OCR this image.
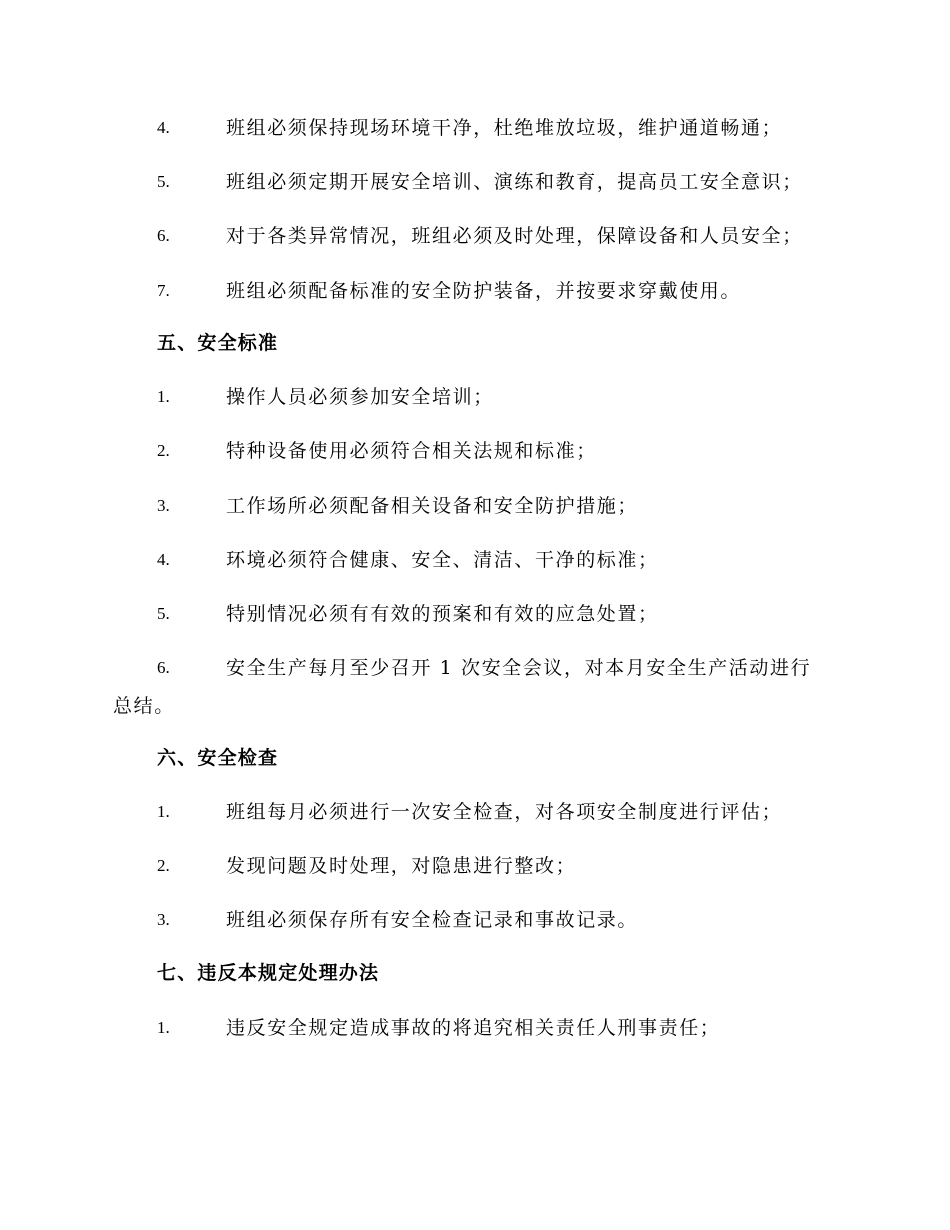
4.	班组必须保持现场环境干净，杜绝堆放垃圾，维护通道畅通；
5.	班组必须定期开展安全培训、演练和教育，提高员工安全意识；
6.	对于各类异常情况，班组必须及时处理，保障设备和人员安全；
7.	班组必须配备标准的安全防护装备，并按要求穿戴使用。
五、安全标准
1.	操作人员必须参加安全培训；
2.	特种设备使用必须符合相关法规和标准；
3.	工作场所必须配备相关设备和安全防护措施；
4.	环境必须符合健康、安全、清洁、干净的标准；
5.	特别情况必须有有效的预案和有效的应急处置；
6.	安全生产每月至少召开 1 次安全会议，对本月安全生产活动进行
总结。
六、安全检查
1.	班组每月必须进行一次安全检查，对各项安全制度进行评估；
2.	发现问题及时处理，对隐患进行整改；
3.	班组必须保存所有安全检查记录和事故记录。
七、违反本规定处理办法
1.	违反安全规定造成事故的将追究相关责任人刑事责任；
